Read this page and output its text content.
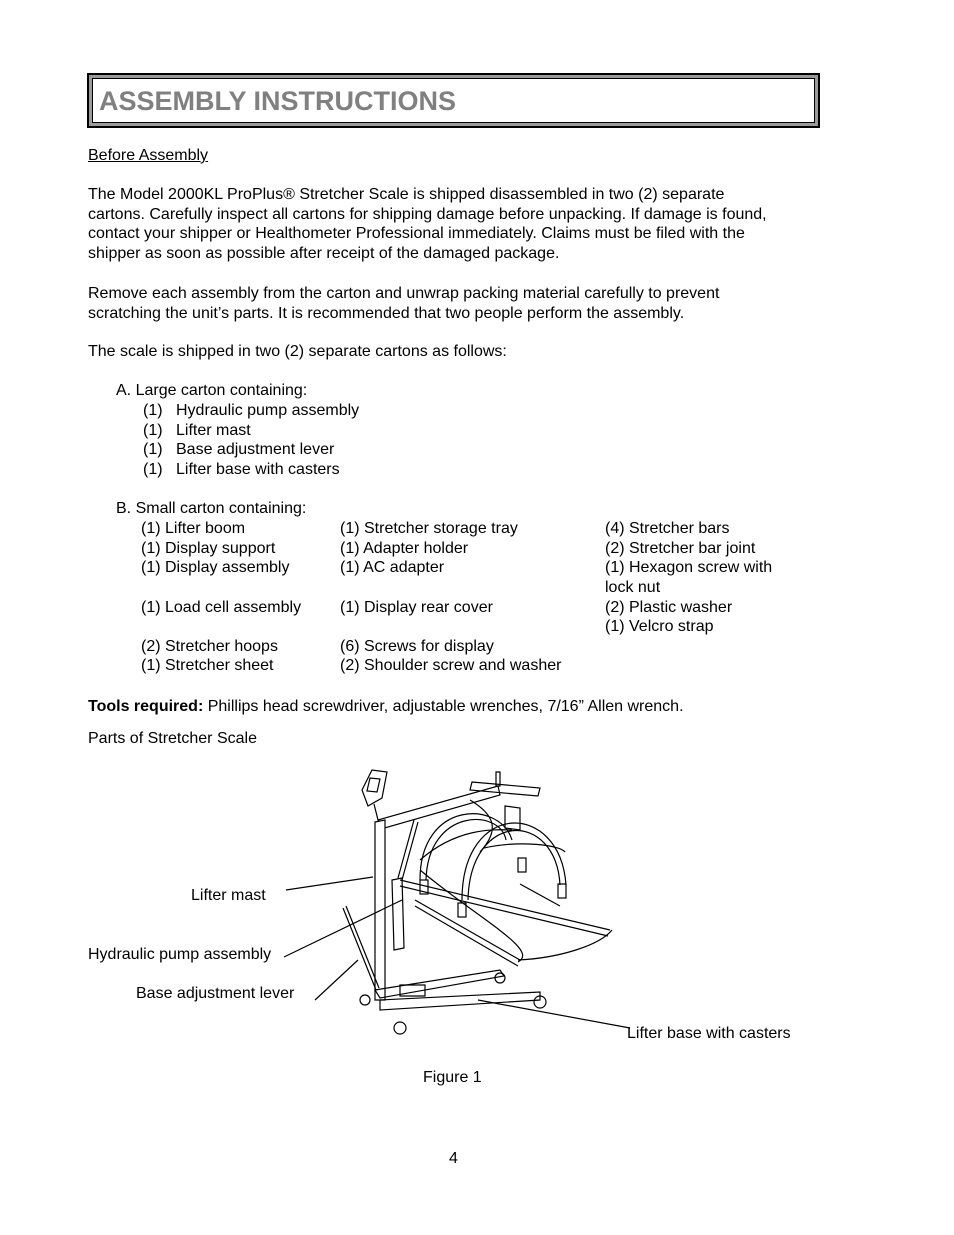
ASSEMBLY INSTRUCTIONS
Before Assembly
The Model 2000KL ProPlus® Stretcher Scale is shipped disassembled in two (2) separate
cartons. Carefully inspect all cartons for shipping damage before unpacking. If damage is found,
contact your shipper or Healthometer Professional immediately. Claims must be filed with the
shipper as soon as possible after receipt of the damaged package.
Remove each assembly from the carton and unwrap packing material carefully to prevent
scratching the unit’s parts. It is recommended that two people perform the assembly.
The scale is shipped in two (2) separate cartons as follows:
A. Large carton containing:
(1) Hydraulic pump assembly
(1) Lifter mast
(1) Base adjustment lever
(1) Lifter base with casters
B. Small carton containing:
(1) Lifter boom
(1) Display support
(1) Display assembly
(1) Load cell assembly
(2) Stretcher hoops
(1) Stretcher sheet
(1) Stretcher storage tray
(1) Adapter holder
(1) AC adapter
(1) Display rear cover
(6) Screws for display
(2) Shoulder screw and washer
(4) Stretcher bars
(2) Stretcher bar joint
(1) Hexagon screw with
lock nut
(2) Plastic washer
(1) Velcro strap
Tools required: Phillips head screwdriver, adjustable wrenches, 7/16” Allen wrench.
Parts of Stretcher Scale
Lifter mast
Hydraulic pump assembly
Base adjustment lever
Lifter base with casters
Figure 1
4
